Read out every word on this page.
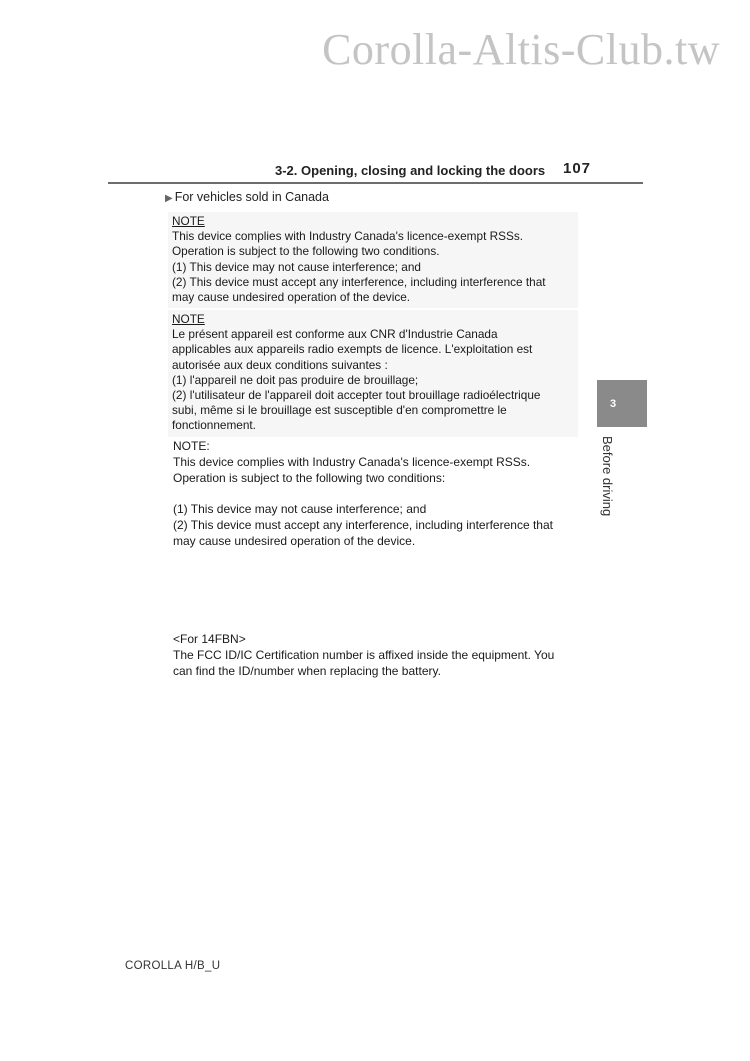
Corolla-Altis-Club.tw
3-2. Opening, closing and locking the doors 107
▶ For vehicles sold in Canada
NOTE
This device complies with Industry Canada's licence-exempt RSSs.
Operation is subject to the following two conditions.
(1) This device may not cause interference; and
(2) This device must accept any interference, including interference that
may cause undesired operation of the device.
NOTE
Le présent appareil est conforme aux CNR d'Industrie Canada
applicables aux appareils radio exempts de licence. L'exploitation est
autorisée aux deux conditions suivantes :
(1) l'appareil ne doit pas produire de brouillage;
(2) l'utilisateur de l'appareil doit accepter tout brouillage radioélectrique
subi, même si le brouillage est susceptible d'en compromettre le
fonctionnement.
NOTE:
This device complies with Industry Canada's licence-exempt RSSs.
Operation is subject to the following two conditions:
(1) This device may not cause interference; and
(2) This device must accept any interference, including interference that
may cause undesired operation of the device.
<For 14FBN>
The FCC ID/IC Certification number is affixed inside the equipment. You
can find the ID/number when replacing the battery.
3
Before driving
COROLLA H/B_U
